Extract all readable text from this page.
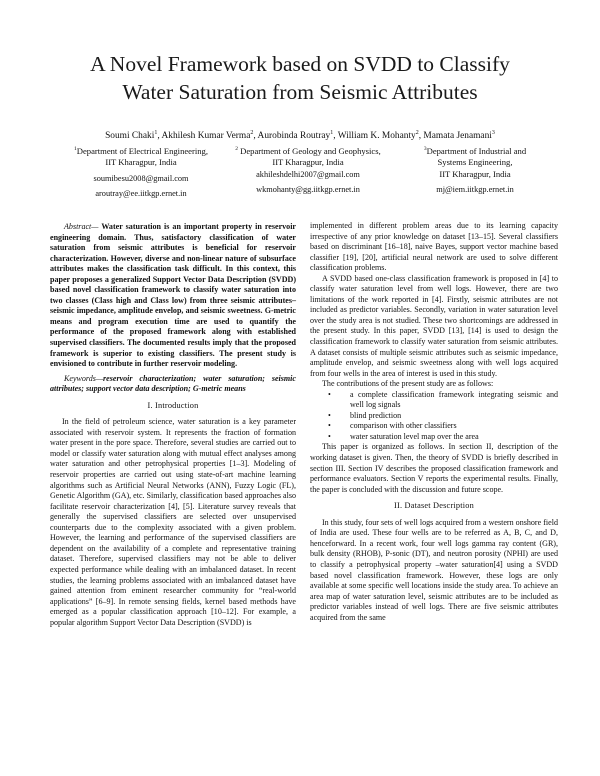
A Novel Framework based on SVDD to Classify
Water Saturation from Seismic Attributes
Soumi Chaki$^1$, Akhilesh Kumar Verma$^2$, Aurobinda Routray$^1$, William K. Mohanty$^2$, Mamata Jenamani$^3$
$^1$Department of Electrical Engineering,
IIT Kharagpur, India
soumibesu2008@gmail.com
aroutray@ee.iitkgp.ernet.in
$^2$ Department of Geology and Geophysics,
IIT Kharagpur, India
akhileshdelhi2007@gmail.com
wkmohanty@gg.iitkgp.ernet.in
$^3$Department of Industrial and
Systems Engineering,
IIT Kharagpur, India
mj@iem.iitkgp.ernet.in

Abstract— Water saturation is an important property in reservoir engineering domain. Thus, satisfactory classification of water saturation from seismic attributes is beneficial for reservoir characterization. However, diverse and non-linear nature of subsurface attributes makes the classification task difficult. In this context, this paper proposes a generalized Support Vector Data Description (SVDD) based novel classification framework to classify water saturation into two classes (Class high and Class low) from three seismic attributes– seismic impedance, amplitude envelop, and seismic sweetness. G-metric means and program execution time are used to quantify the performance of the proposed framework along with established supervised classifiers. The documented results imply that the proposed framework is superior to existing classifiers. The present study is envisioned to contribute in further reservoir modeling.

Keywords—reservoir characterization; water saturation; seismic attributes; support vector data description; G-metric means

I. Introduction

In the field of petroleum science, water saturation is a key parameter associated with reservoir system. It represents the fraction of formation water present in the pore space. Therefore, several studies are carried out to model or classify water saturation along with mutual effect analyses among water saturation and other petrophysical properties [1–3]. Modeling of reservoir properties are carried out using state-of-art machine learning algorithms such as Artificial Neural Networks (ANN), Fuzzy Logic (FL), Genetic Algorithm (GA), etc. Similarly, classification based approaches also facilitate reservoir characterization [4], [5]. Literature survey reveals that generally the supervised classifiers are selected over unsupervised counterparts due to the complexity associated with a given problem. However, the learning and performance of the supervised classifiers are dependent on the availability of a complete and representative training dataset. Therefore, supervised classifiers may not be able to deliver expected performance while dealing with an imbalanced dataset. In recent studies, the learning problems associated with an imbalanced dataset have gained attention from eminent researcher community for “real-world applications” [6–9]. In remote sensing fields, kernel based methods have emerged as a popular classification approach [10–12]. For example, a popular algorithm Support Vector Data Description (SVDD) is

implemented in different problem areas due to its learning capacity irrespective of any prior knowledge on dataset [13–15]. Several classifiers based on discriminant [16–18], naive Bayes, support vector machine based classifier [19], [20], artificial neural network are used to solve different classification problems.

A SVDD based one-class classification framework is proposed in [4] to classify water saturation level from well logs. However, there are two limitations of the work reported in [4]. Firstly, seismic attributes are not included as predictor variables. Secondly, variation in water saturation level over the study area is not studied. These two shortcomings are addressed in the present study. In this paper, SVDD [13], [14] is used to design the classification framework to classify water saturation from seismic attributes. A dataset consists of multiple seismic attributes such as seismic impedance, amplitude envelop, and seismic sweetness along with well logs acquired from four wells in the area of interest is used in this study.

The contributions of the present study are as follows:

• a complete classification framework integrating seismic and well log signals
• blind prediction
• comparison with other classifiers
• water saturation level map over the area

This paper is organized as follows. In section II, description of the working dataset is given. Then, the theory of SVDD is briefly described in section III. Section IV describes the proposed classification framework and performance evaluators. Section V reports the experimental results. Finally, the paper is concluded with the discussion and future scope.

II. Dataset Description

In this study, four sets of well logs acquired from a western onshore field of India are used. These four wells are to be referred as A, B, C, and D, henceforward. In a recent work, four well logs gamma ray content (GR), bulk density (RHOB), P-sonic (DT), and neutron porosity (NPHI) are used to classify a petrophysical property –water saturation[4] using a SVDD based novel classification framework. However, these logs are only available at some specific well locations inside the study area. To achieve an area map of water saturation level, seismic attributes are to be included as predictor variables instead of well logs. There are five seismic attributes acquired from the same
